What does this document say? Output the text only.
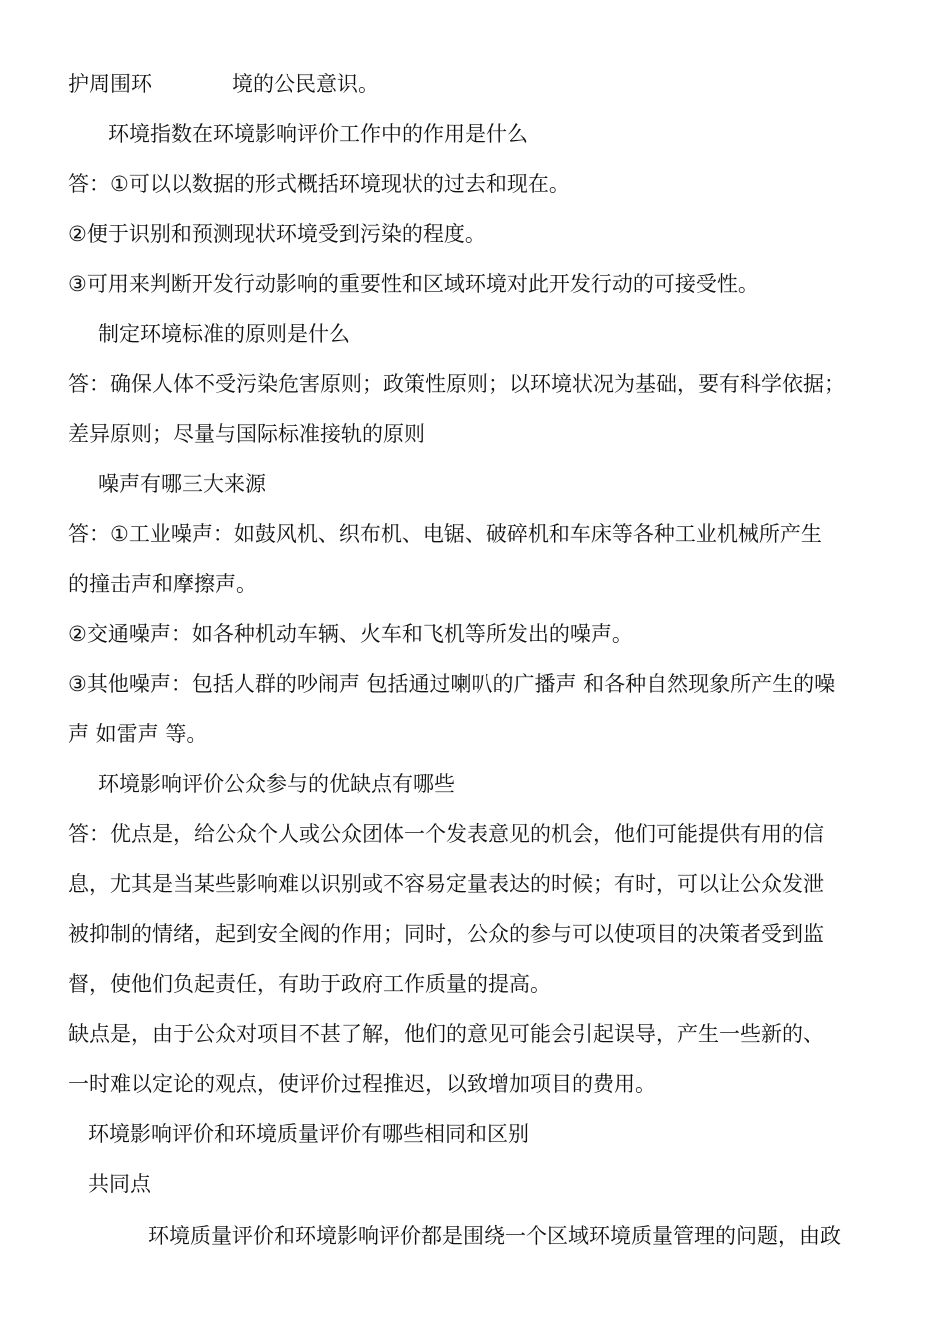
护周围环	境的公民意识。
环境指数在环境影响评价工作中的作用是什么
答：①可以以数据的形式概括环境现状的过去和现在。
②便于识别和预测现状环境受到污染的程度。
③可用来判断开发行动影响的重要性和区域环境对此开发行动的可接受性。
制定环境标准的原则是什么
答：确保人体不受污染危害原则；政策性原则；以环境状况为基础，要有科学依据；
差异原则；尽量与国际标准接轨的原则
噪声有哪三大来源
答：①工业噪声：如鼓风机、织布机、电锯、破碎机和车床等各种工业机械所产生
的撞击声和摩擦声。
②交通噪声：如各种机动车辆、火车和飞机等所发出的噪声。
③其他噪声：包括人群的吵闹声 包括通过喇叭的广播声 和各种自然现象所产生的噪
声 如雷声 等。
环境影响评价公众参与的优缺点有哪些
答：优点是，给公众个人或公众团体一个发表意见的机会，他们可能提供有用的信
息，尤其是当某些影响难以识别或不容易定量表达的时候；有时，可以让公众发泄
被抑制的情绪，起到安全阀的作用；同时，公众的参与可以使项目的决策者受到监
督，使他们负起责任，有助于政府工作质量的提高。
缺点是，由于公众对项目不甚了解，他们的意见可能会引起误导，产生一些新的、
一时难以定论的观点，使评价过程推迟，以致增加项目的费用。
环境影响评价和环境质量评价有哪些相同和区别
共同点
环境质量评价和环境影响评价都是围绕一个区域环境质量管理的问题，由政
